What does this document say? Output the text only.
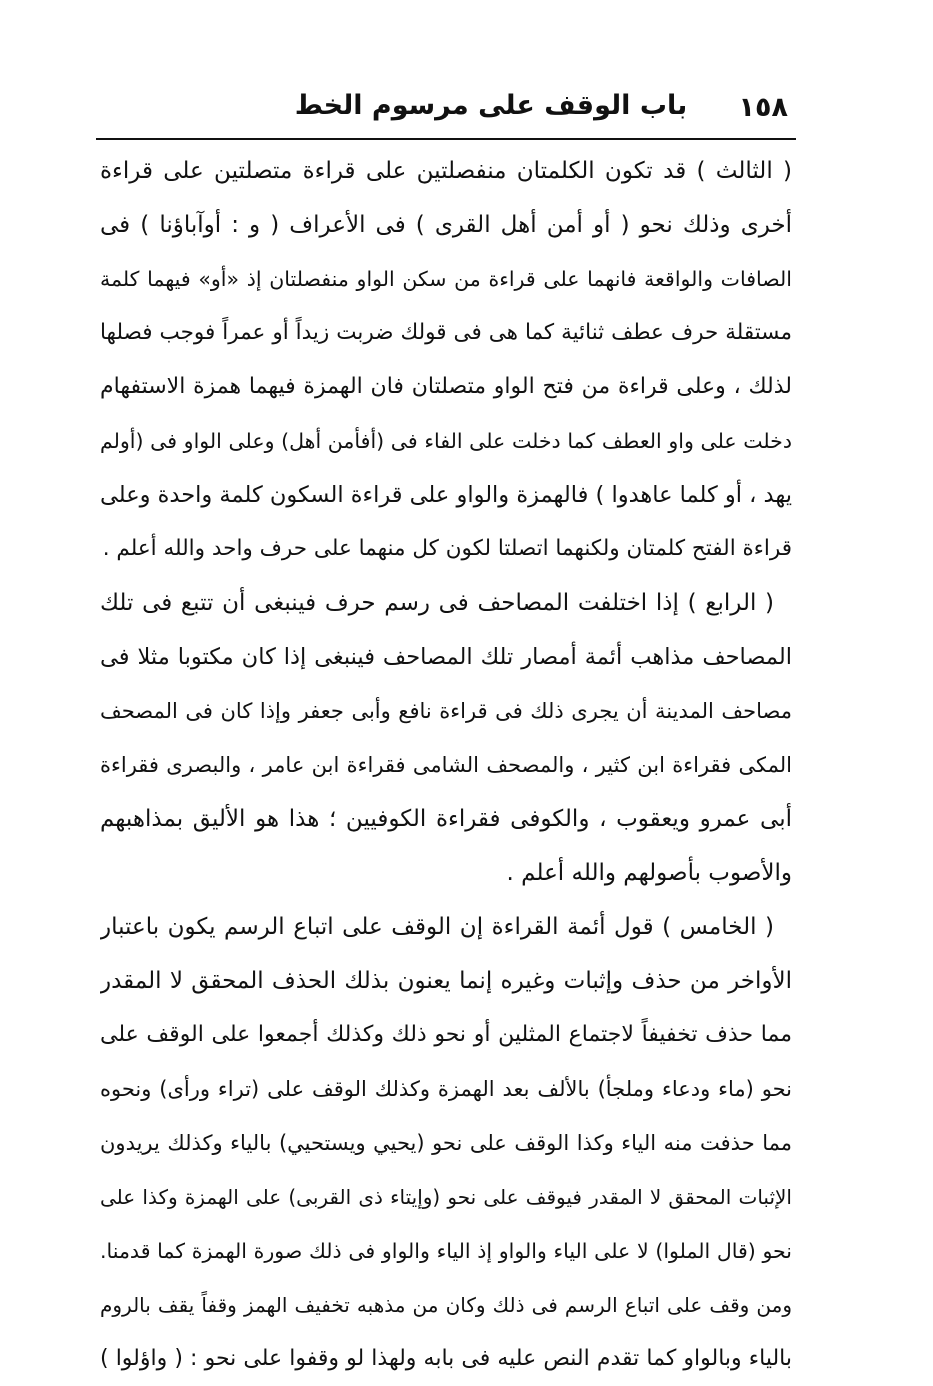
١٥٨
باب الوقف على مرسوم الخط
( الثالث ) قد تكون الكلمتان منفصلتين على قراءة متصلتين على قراءة
أخرى وذلك نحو ( أو أمن أهل القرى ) فى الأعراف ( و : أوآباؤنا ) فى
الصافات والواقعة فانهما على قراءة من سكن الواو منفصلتان إذ «أو» فيهما كلمة
مستقلة حرف عطف ثنائية كما هى فى قولك ضربت زيداً أو عمراً فوجب فصلها
لذلك ، وعلى قراءة من فتح الواو متصلتان فان الهمزة فيهما همزة الاستفهام
دخلت على واو العطف كما دخلت على الفاء فى (أفأمن أهل) وعلى الواو فى (أولم
يهد ، أو كلما عاهدوا ) فالهمزة والواو على قراءة السكون كلمة واحدة وعلى
قراءة الفتح كلمتان ولكنهما اتصلتا لكون كل منهما على حرف واحد والله أعلم .
( الرابع ) إذا اختلفت المصاحف فى رسم حرف فينبغى أن تتبع فى تلك
المصاحف مذاهب أئمة أمصار تلك المصاحف فينبغى إذا كان مكتوبا مثلا فى
مصاحف المدينة أن يجرى ذلك فى قراءة نافع وأبى جعفر وإذا كان فى المصحف
المكى فقراءة ابن كثير ، والمصحف الشامى فقراءة ابن عامر ، والبصرى فقراءة
أبى عمرو ويعقوب ، والكوفى فقراءة الكوفيين ؛ هذا هو الأليق بمذاهبهم
والأصوب بأصولهم والله أعلم .
( الخامس ) قول أئمة القراءة إن الوقف على اتباع الرسم يكون باعتبار
الأواخر من حذف وإثبات وغيره إنما يعنون بذلك الحذف المحقق لا المقدر
مما حذف تخفيفاً لاجتماع المثلين أو نحو ذلك وكذلك أجمعوا على الوقف على
نحو (ماء ودعاء وملجأ) بالألف بعد الهمزة وكذلك الوقف على (تراء ورأى) ونحوه
مما حذفت منه الياء وكذا الوقف على نحو (يحيي ويستحيي) بالياء وكذلك يريدون
الإثبات المحقق لا المقدر فيوقف على نحو (وإيتاء ذى القربى) على الهمزة وكذا على
نحو (قال الملوا) لا على الياء والواو إذ الياء والواو فى ذلك صورة الهمزة كما قدمنا.
ومن وقف على اتباع الرسم فى ذلك وكان من مذهبه تخفيف الهمز وقفاً يقف بالروم
بالياء وبالواو كما تقدم النص عليه فى بابه ولهذا لو وقفوا على نحو : ( واؤلوا )
